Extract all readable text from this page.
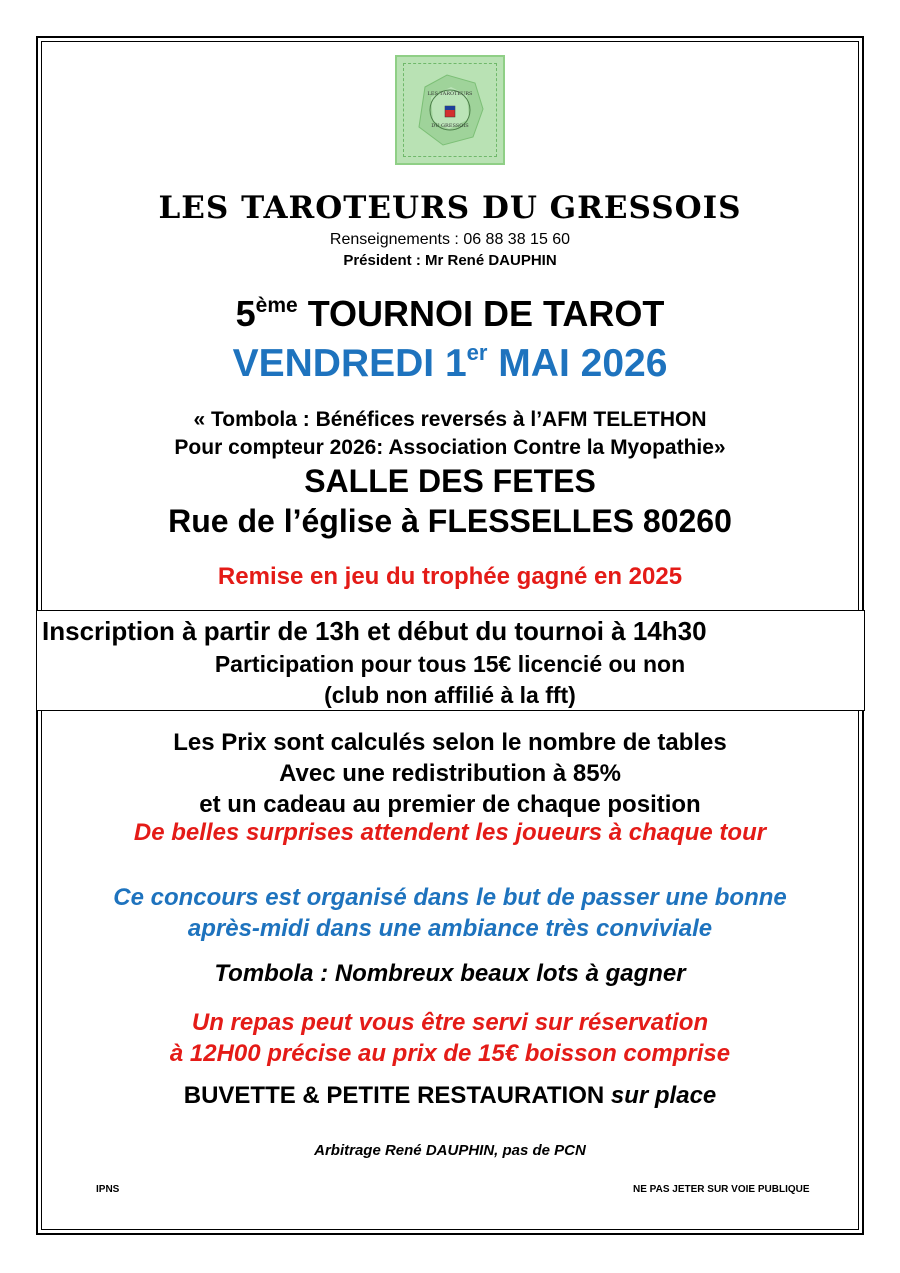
LES TAROTEURS
DU GRESSOIS
LES TAROTEURS DU GRESSOIS
Renseignements : 06 88 38 15 60
Président : Mr René DAUPHIN
5ème TOURNOI DE TAROT
VENDREDI 1er MAI 2026
« Tombola : Bénéfices reversés à l’AFM TELETHON
Pour compteur 2026: Association Contre la Myopathie»
SALLE DES FETES
Rue de l’église à FLESSELLES 80260
Remise en jeu du trophée gagné en 2025
Inscription à partir de 13h et début du tournoi à 14h30
Participation pour tous 15€ licencié ou non
(club non affilié à la fft)
Les Prix sont calculés selon le nombre de tables
Avec une redistribution à 85%
et un cadeau au premier de chaque position
De belles surprises attendent les joueurs à chaque tour
Ce concours est organisé dans le but de passer une bonne
après-midi dans une ambiance très conviviale
Tombola : Nombreux beaux lots à gagner
Un repas peut vous être servi sur réservation
à 12H00 précise au prix de 15€ boisson comprise
BUVETTE & PETITE RESTAURATION sur place
Arbitrage René DAUPHIN, pas de PCN
IPNS	NE PAS JETER SUR VOIE PUBLIQUE
